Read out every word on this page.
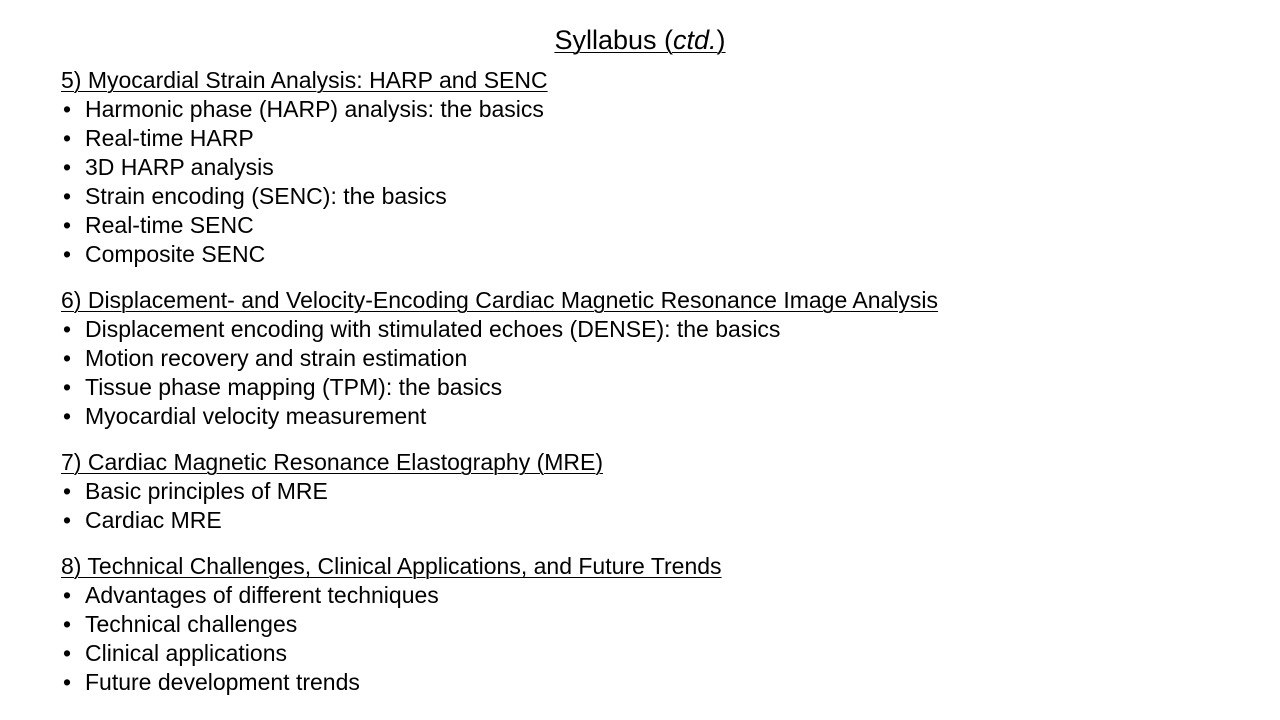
Syllabus (ctd.)
5) Myocardial Strain Analysis: HARP and SENC
• Harmonic phase (HARP) analysis: the basics
• Real-time HARP
• 3D HARP analysis
• Strain encoding (SENC): the basics
• Real-time SENC
• Composite SENC
6) Displacement- and Velocity-Encoding Cardiac Magnetic Resonance Image Analysis
• Displacement encoding with stimulated echoes (DENSE): the basics
• Motion recovery and strain estimation
• Tissue phase mapping (TPM): the basics
• Myocardial velocity measurement
7) Cardiac Magnetic Resonance Elastography (MRE)
• Basic principles of MRE
• Cardiac MRE
8) Technical Challenges, Clinical Applications, and Future Trends
• Advantages of different techniques
• Technical challenges
• Clinical applications
• Future development trends
